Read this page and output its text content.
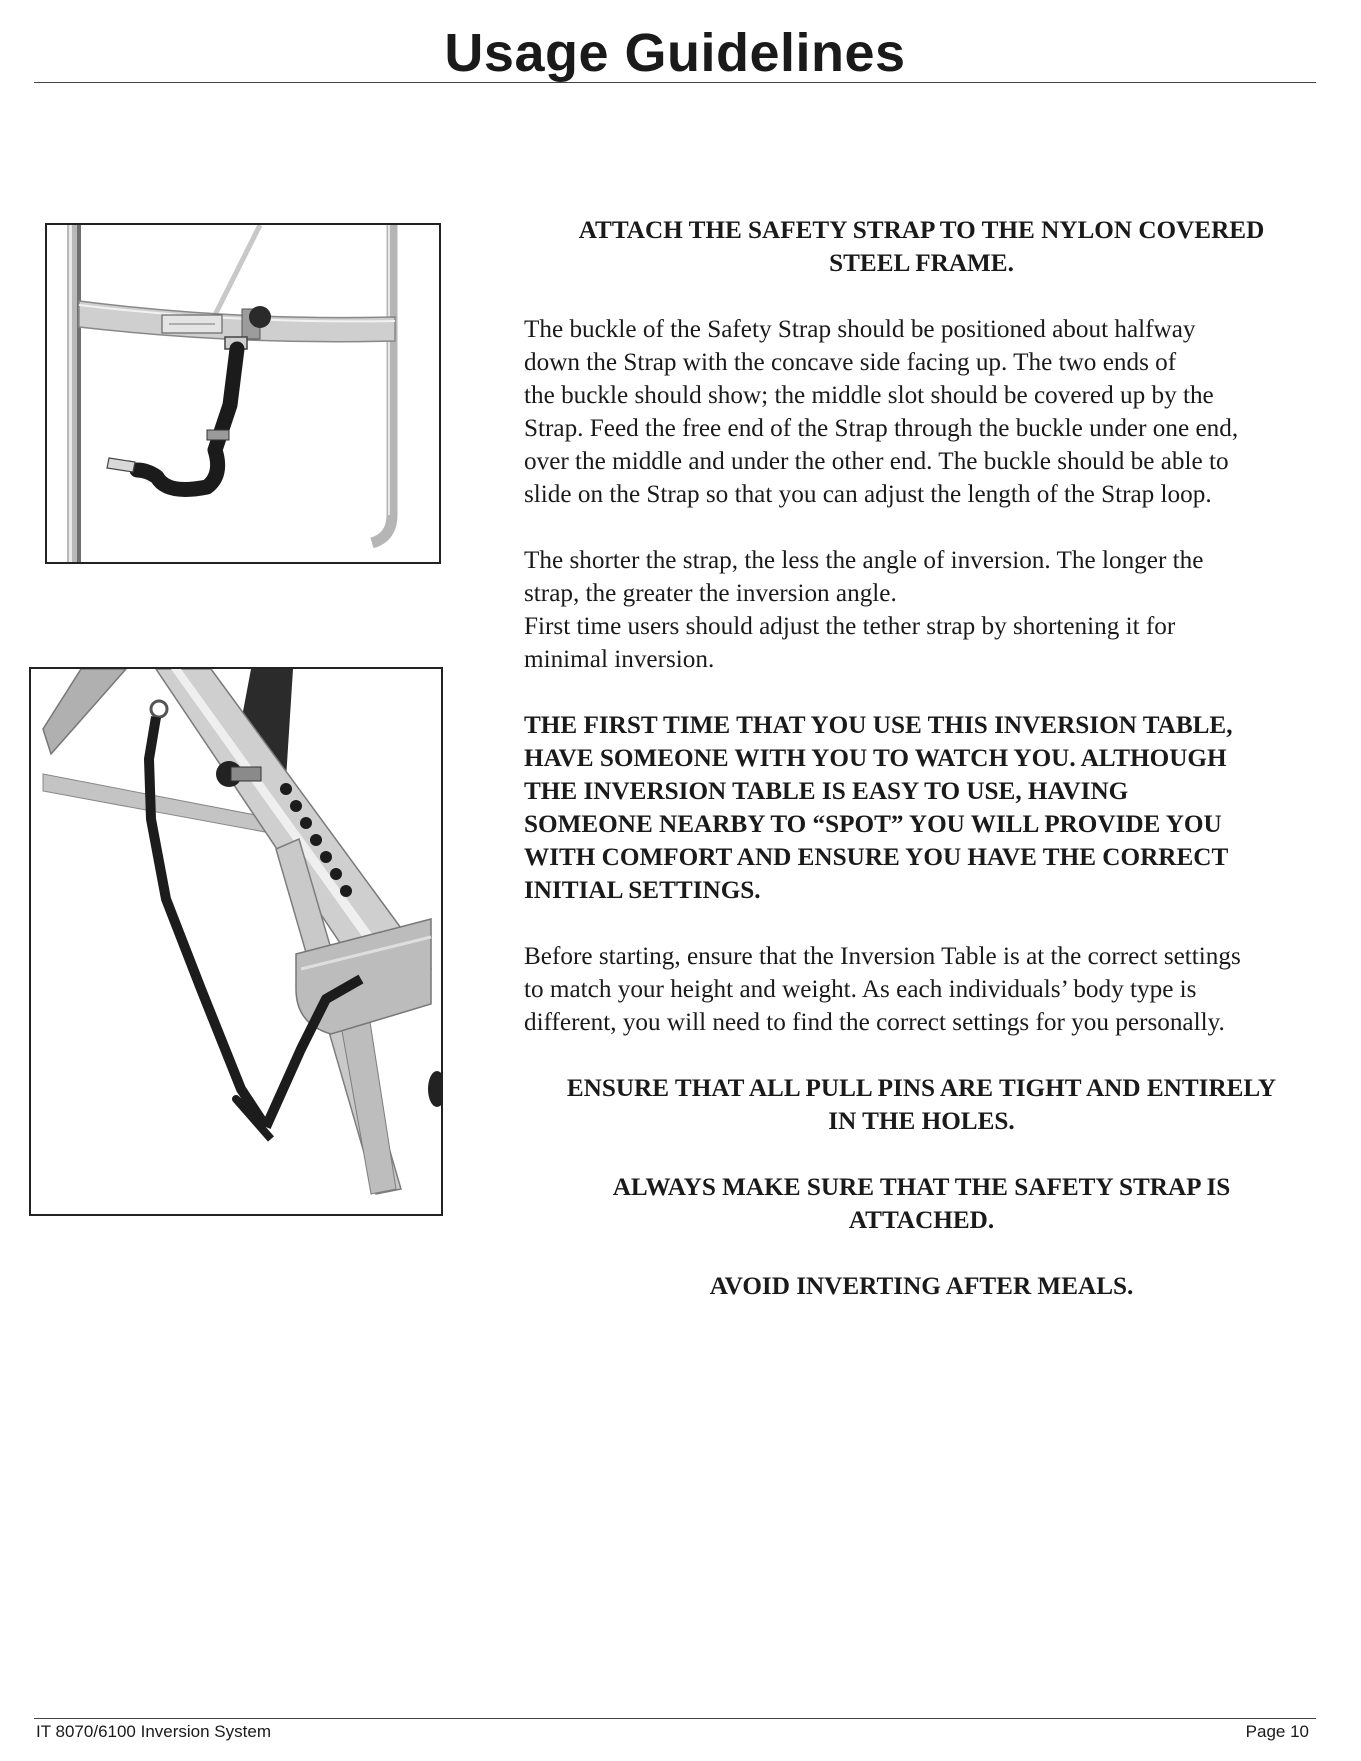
Usage Guidelines

ATTACH THE SAFETY STRAP TO THE NYLON COVERED

STEEL FRAME.

The buckle of the Safety Strap should be positioned about halfway

down the Strap with the concave side facing up. The two ends of

the buckle should show; the middle slot should be covered up by the

Strap. Feed the free end of the Strap through the buckle under one end,

over the middle and under the other end. The buckle should be able to

slide on the Strap so that you can adjust the length of the Strap loop.

The shorter the strap, the less the angle of inversion. The longer the

strap, the greater the inversion angle.

First time users should adjust the tether strap by shortening it for

minimal inversion.

THE FIRST TIME THAT YOU USE THIS INVERSION TABLE,

HAVE SOMEONE WITH YOU TO WATCH YOU. ALTHOUGH

THE INVERSION TABLE IS EASY TO USE, HAVING

SOMEONE NEARBY TO “SPOT” YOU WILL PROVIDE YOU

WITH COMFORT AND ENSURE YOU HAVE THE CORRECT

INITIAL SETTINGS.

Before starting, ensure that the Inversion Table is at the correct settings

to match your height and weight. As each individuals’ body type is

different, you will need to find the correct settings for you personally.

ENSURE THAT ALL PULL PINS ARE TIGHT AND ENTIRELY

IN THE HOLES.

ALWAYS MAKE SURE THAT THE SAFETY STRAP IS

ATTACHED.

AVOID INVERTING AFTER MEALS.

IT 8070/6100 Inversion System	Page 10
